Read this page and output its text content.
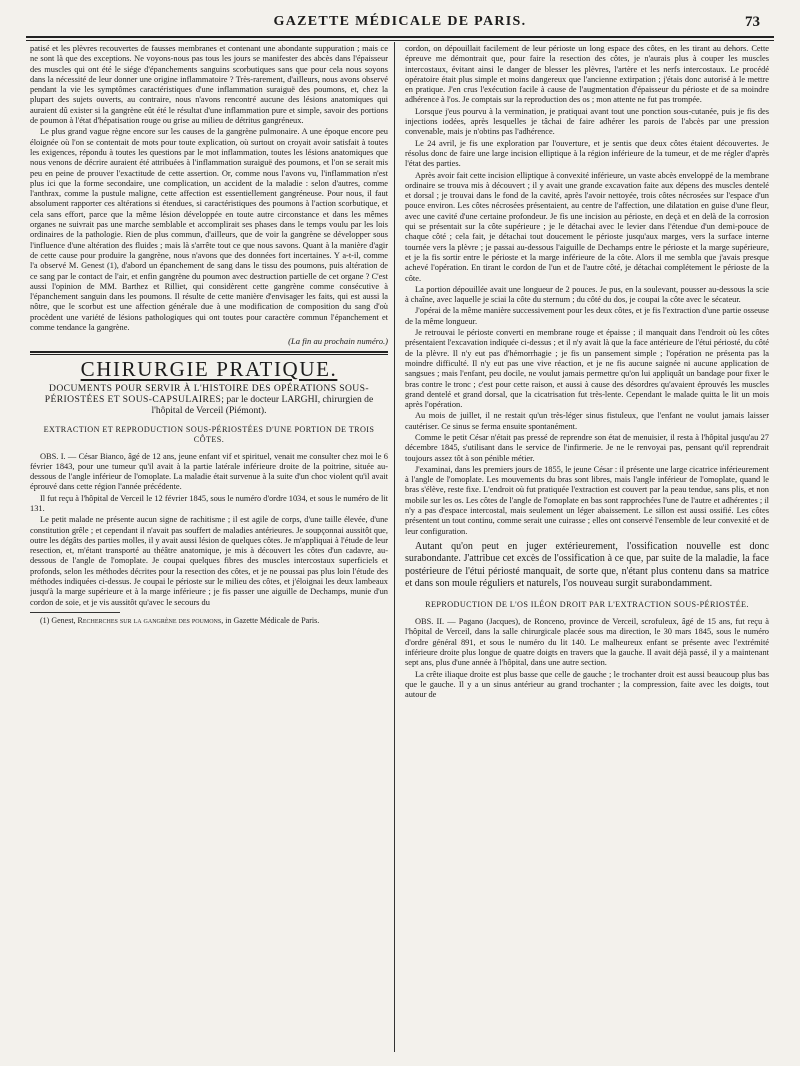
GAZETTE MÉDICALE DE PARIS.	73

patisé et les plèvres recouvertes de fausses membranes et contenant une abondante suppuration ; mais ce ne sont là que des exceptions. Ne voyons-nous pas tous les jours se manifester des abcès dans l'épaisseur des muscles qui ont été le siége d'épanchements sanguins scorbutiques sans que pour cela nous soyons dans la nécessité de leur donner une origine inflammatoire ? Très-rarement, d'ailleurs, nous avons observé pendant la vie les symptômes caractéristiques d'une inflammation suraiguë des poumons, et, chez la plupart des sujets ouverts, au contraire, nous n'avons rencontré aucune des lésions anatomiques qui auraient dû exister si la gangrène eût été le résultat d'une inflammation pure et simple, savoir des portions de poumon à l'état d'hépatisation rouge ou grise au milieu de détritus gangréneux.

Le plus grand vague règne encore sur les causes de la gangrène pulmonaire. A une époque encore peu éloignée où l'on se contentait de mots pour toute explication, où surtout on croyait avoir satisfait à toutes les exigences, répondu à toutes les questions par le mot inflammation, toutes les lésions anatomiques que nous venons de décrire auraient été attribuées à l'inflammation suraiguë des poumons, et l'on se serait mis peu en peine de prouver l'exactitude de cette assertion. Or, comme nous l'avons vu, l'inflammation n'est plus ici que la forme secondaire, une complication, un accident de la maladie : selon d'autres, comme l'anthrax, comme la pustule maligne, cette affection est essentiellement gangréneuse. Pour nous, il faut absolument rapporter ces altérations si étendues, si caractéristiques des poumons à l'action scorbutique, et cela sans effort, parce que la même lésion développée en toute autre circonstance et dans les mêmes organes ne suivrait pas une marche semblable et accomplirait ses phases dans le temps voulu par les lois ordinaires de la pathologie. Rien de plus commun, d'ailleurs, que de voir la gangrène se développer sous l'influence d'une altération des fluides ; mais là s'arrête tout ce que nous savons. Quant à la manière d'agir de cette cause pour produire la gangrène, nous n'avons que des données fort incertaines. Y a-t-il, comme l'a observé M. Genest (1), d'abord un épanchement de sang dans le tissu des poumons, puis altération de ce sang par le contact de l'air, et enfin gangrène du poumon avec destruction partielle de cet organe ? C'est aussi l'opinion de MM. Barthez et Rilliet, qui considèrent cette gangrène comme consécutive à l'épanchement sanguin dans les poumons. Il résulte de cette manière d'envisager les faits, qui est aussi la nôtre, que le scorbut est une affection générale due à une modification de composition du sang d'où procèdent une variété de lésions pathologiques qui ont toutes pour caractère commun l'épanchement et comme tendance la gangrène.

(La fin au prochain numéro.)
CHIRURGIE PRATIQUE.
DOCUMENTS POUR SERVIR À L'HISTOIRE DES OPÉRATIONS SOUS-PÉRIOSTÉES ET SOUS-CAPSULAIRES; par le docteur LARGHI, chirurgien de l'hôpital de Verceil (Piémont).
EXTRACTION ET REPRODUCTION SOUS-PÉRIOSTÉES D'UNE PORTION DE TROIS CÔTES.

OBS. I. — César Bianco, âgé de 12 ans, jeune enfant vif et spirituel, venait me consulter chez moi le 6 février 1843, pour une tumeur qu'il avait à la partie latérale inférieure droite de la poitrine, située au-dessous de l'angle inférieur de l'omoplate. La maladie était survenue à la suite d'un choc violent qu'il avait éprouvé dans cette région l'année précédente.

Il fut reçu à l'hôpital de Verceil le 12 février 1845, sous le numéro d'ordre 1034, et sous le numéro de lit 131.

Le petit malade ne présente aucun signe de rachitisme ; il est agile de corps, d'une taille élevée, d'une constitution grêle ; et cependant il n'avait pas souffert de maladies antérieures. Je soupçonnai aussitôt que, outre les dégâts des parties molles, il y avait aussi lésion de quelques côtes. Je m'appliquai à l'étude de leur resection, et, m'étant transporté au théâtre anatomique, je mis à découvert les côtes d'un cadavre, au-dessous de l'angle de l'omoplate. Je coupai quelques fibres des muscles intercostaux superficiels et profonds, selon les méthodes décrites pour la resection des côtes, et je ne poussai pas plus loin l'étude des méthodes indiquées ci-dessus. Je coupai le périoste sur le milieu des côtes, et j'éloignai les deux lambeaux jusqu'à la marge supérieure et à la marge inférieure ; je fis passer une aiguille de Dechamps, munie d'un cordon de soie, et je vis aussitôt qu'avec le secours du

(1) Genest, Recherches sur la gangrène des poumons, in Gazette Médicale de Paris.

cordon, on dépouillait facilement de leur périoste un long espace des côtes, en les tirant au dehors. Cette épreuve me démontrait que, pour faire la resection des côtes, je n'aurais plus à couper les muscles intercostaux, évitant ainsi le danger de blesser les plèvres, l'artère et les nerfs intercostaux. Le procédé opératoire était plus simple et moins dangereux que l'ancienne extirpation ; j'étais donc autorisé à le mettre en pratique. J'en crus l'exécution facile à cause de l'augmentation d'épaisseur du périoste et de sa moindre adhérence à l'os. Je comptais sur la reproduction des os ; mon attente ne fut pas trompée.

Lorsque j'eus pourvu à la vermination, je pratiquai avant tout une ponction sous-cutanée, puis je fis des injections iodées, après lesquelles je tâchai de faire adhérer les parois de l'abcès par une pression convenable, mais je n'obtins pas l'adhérence.

Le 24 avril, je fis une exploration par l'ouverture, et je sentis que deux côtes étaient découvertes. Je résolus donc de faire une large incision elliptique à la région inférieure de la tumeur, et de me régler d'après l'état des parties.

Après avoir fait cette incision elliptique à convexité inférieure, un vaste abcès enveloppé de la membrane ordinaire se trouva mis à découvert ; il y avait une grande excavation faite aux dépens des muscles dentelé et dorsal ; je trouvai dans le fond de la cavité, après l'avoir nettoyée, trois côtes nécrosées sur l'espace d'un pouce environ. Les côtes nécrosées présentaient, au centre de l'affection, une dilatation en guise d'une fleur, avec une cavité d'une certaine profondeur. Je fis une incision au périoste, en deçà et en delà de la corrosion qui se présentait sur la côte supérieure ; je le détachai avec le levier dans l'étendue d'un demi-pouce de chaque côté ; cela fait, je détachai tout doucement le périoste jusqu'aux marges, vers la surface interne tournée vers la plèvre ; je passai au-dessous l'aiguille de Dechamps entre le périoste et la marge supérieure, et je la fis sortir entre le périoste et la marge inférieure de la côte. Alors il me sembla que j'avais presque achevé l'opération. En tirant le cordon de l'un et de l'autre côté, je détachai complétement le périoste de la côte.

La portion dépouillée avait une longueur de 2 pouces. Je pus, en la soulevant, pousser au-dessous la scie à chaîne, avec laquelle je sciai la côte du sternum ; du côté du dos, je coupai la côte avec le sécateur.

J'opérai de la même manière successivement pour les deux côtes, et je fis l'extraction d'une partie osseuse de la même longueur.

Je retrouvai le périoste converti en membrane rouge et épaisse ; il manquait dans l'endroit où les côtes présentaient l'excavation indiquée ci-dessus ; et il n'y avait là que la face antérieure de l'étui périosté, du côté de la plèvre. Il n'y eut pas d'hémorrhagie ; je fis un pansement simple ; l'opération ne présenta pas la moindre difficulté. Il n'y eut pas une vive réaction, et je ne fis aucune saignée ni aucune application de sangsues ; mais l'enfant, peu docile, ne voulut jamais permettre qu'on lui appliquât un bandage pour fixer le bras contre le tronc ; c'est pour cette raison, et aussi à cause des désordres qu'avaient éprouvés les muscles grand dentelé et grand dorsal, que la cicatrisation fut très-lente. Cependant le malade quitta le lit un mois après l'opération.

Au mois de juillet, il ne restait qu'un très-léger sinus fistuleux, que l'enfant ne voulut jamais laisser cautériser. Ce sinus se ferma ensuite spontanément.

Comme le petit César n'était pas pressé de reprendre son état de menuisier, il resta à l'hôpital jusqu'au 27 décembre 1845, s'utilisant dans le service de l'infirmerie. Je ne le renvoyai pas, pensant qu'il reprendrait toujours assez tôt à son pénible métier.

J'examinai, dans les premiers jours de 1855, le jeune César : il présente une large cicatrice inférieurement à l'angle de l'omoplate. Les mouvements du bras sont libres, mais l'angle inférieur de l'omoplate, quand le bras s'élève, reste fixe. L'endroit où fut pratiquée l'extraction est couvert par la peau tendue, sans plis, et non mobile sur les os. Les côtes de l'angle de l'omoplate en bas sont rapprochées l'une de l'autre et adhérentes ; il n'y a pas d'espace intercostal, mais seulement un léger abaissement. Le sillon est aussi ossifié. Les côtes présentent un tout continu, comme serait une cuirasse ; elles ont conservé l'ensemble de leur convexité et de leur configuration.

Autant qu'on peut en juger extérieurement, l'ossification nouvelle est donc surabondante. J'attribue cet excès de l'ossification à ce que, par suite de la maladie, la face postérieure de l'étui périosté manquait, de sorte que, n'étant plus contenu dans sa matrice et dans son moule réguliers et naturels, l'os nouveau surgit surabondamment.

REPRODUCTION DE L'OS ILÉON DROIT PAR L'EXTRACTION SOUS-PÉRIOSTÉE.

OBS. II. — Pagano (Jacques), de Ronceno, province de Verceil, scrofuleux, âgé de 15 ans, fut reçu à l'hôpital de Verceil, dans la salle chirurgicale placée sous ma direction, le 30 mars 1845, sous le numéro d'ordre général 891, et sous le numéro du lit 140. Le malheureux enfant se présente avec l'extrémité inférieure droite plus longue de quatre doigts en travers que la gauche. Il avait déjà passé, il y a maintenant sept ans, plus d'une année à l'hôpital, dans une autre section.

La crête iliaque droite est plus basse que celle de gauche ; le trochanter droit est aussi beaucoup plus bas que le gauche. Il y a un sinus antérieur au grand trochanter ; la compression, faite avec les doigts, tout autour de
